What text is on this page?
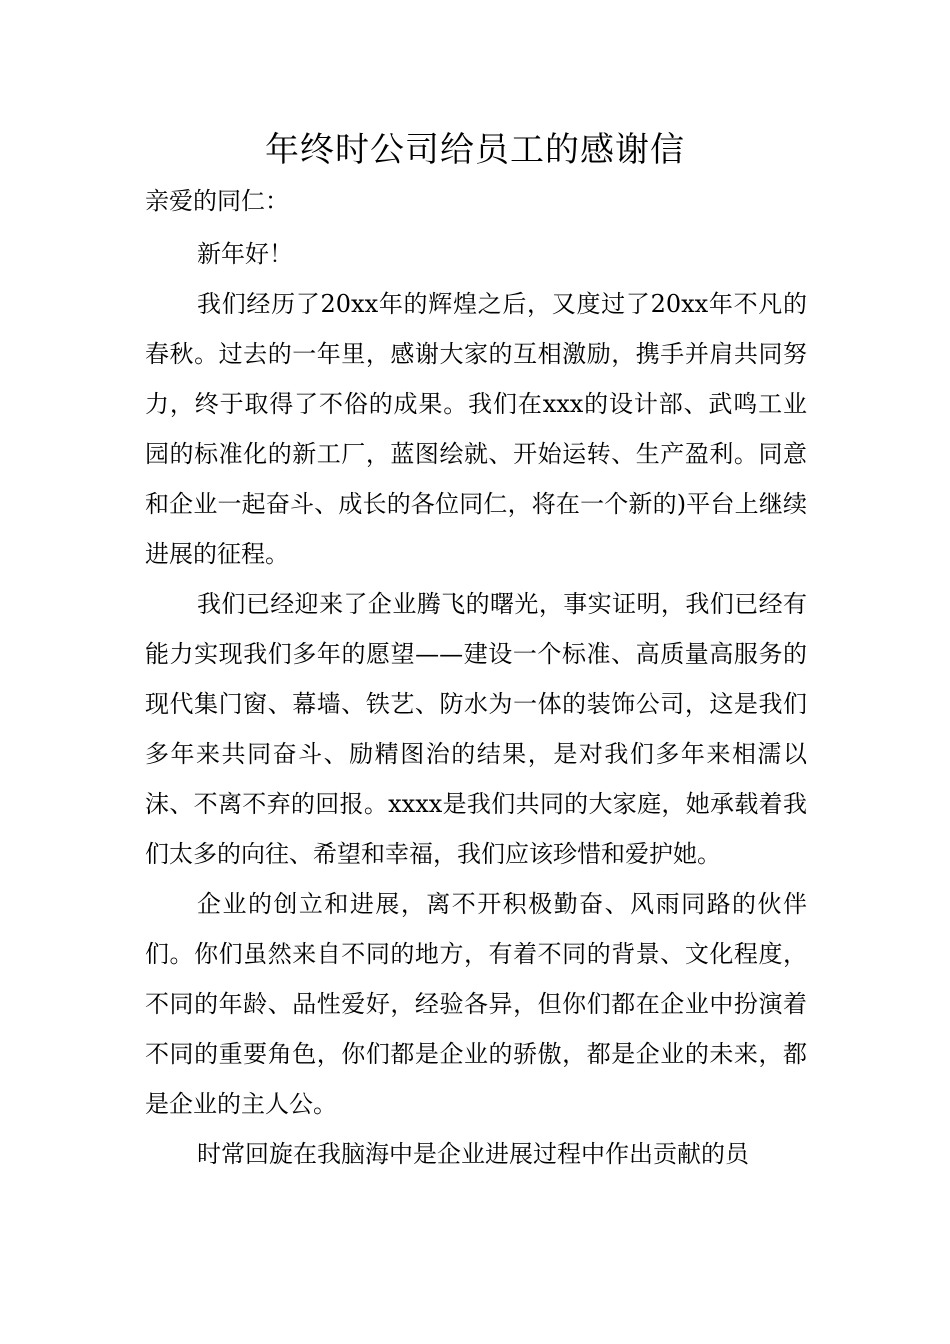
年终时公司给员工的感谢信

亲爱的同仁：

新年好！

我们经历了20xx年的辉煌之后，又度过了20xx年不凡的春秋。过去的一年里，感谢大家的互相激励，携手并肩共同努力，终于取得了不俗的成果。我们在xxx的设计部、武鸣工业园的标准化的新工厂，蓝图绘就、开始运转、生产盈利。同意和企业一起奋斗、成长的各位同仁，将在一个新的)平台上继续进展的征程。

我们已经迎来了企业腾飞的曙光，事实证明，我们已经有能力实现我们多年的愿望——建设一个标准、高质量高服务的现代集门窗、幕墙、铁艺、防水为一体的装饰公司，这是我们多年来共同奋斗、励精图治的结果，是对我们多年来相濡以沫、不离不弃的回报。xxxx是我们共同的大家庭，她承载着我们太多的向往、希望和幸福，我们应该珍惜和爱护她。

企业的创立和进展，离不开积极勤奋、风雨同路的伙伴们。你们虽然来自不同的地方，有着不同的背景、文化程度，不同的年龄、品性爱好，经验各异，但你们都在企业中扮演着不同的重要角色，你们都是企业的骄傲，都是企业的未来，都是企业的主人公。

时常回旋在我脑海中是企业进展过程中作出贡献的员
